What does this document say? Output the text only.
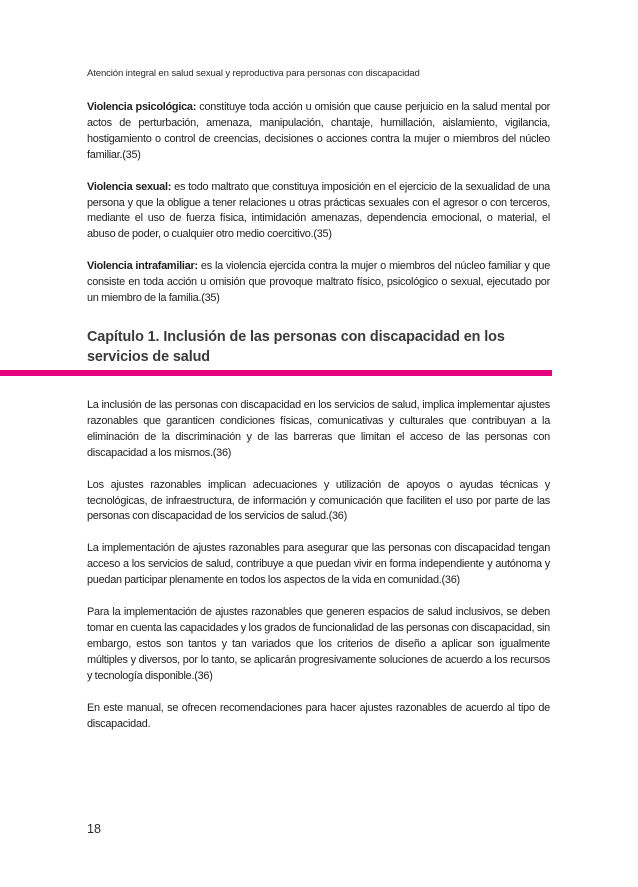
Atención integral en salud sexual y reproductiva para personas con discapacidad

Violencia psicológica: constituye toda acción u omisión que cause perjuicio en la salud mental por actos de perturbación, amenaza, manipulación, chantaje, humillación, aislamiento, vigilancia, hostigamiento o control de creencias, decisiones o acciones contra la mujer o miembros del núcleo familiar.(35)

Violencia sexual: es todo maltrato que constituya imposición en el ejercicio de la sexualidad de una persona y que la obligue a tener relaciones u otras prácticas sexuales con el agresor o con terceros, mediante el uso de fuerza física, intimidación amenazas, dependencia emocional, o material, el abuso de poder, o cualquier otro medio coercitivo.(35)

Violencia intrafamiliar: es la violencia ejercida contra la mujer o miembros del núcleo familiar y que consiste en toda acción u omisión que provoque maltrato físico, psicológico o sexual, ejecutado por un miembro de la familia.(35)

Capítulo 1. Inclusión de las personas con discapacidad en los servicios de salud

La inclusión de las personas con discapacidad en los servicios de salud, implica implementar ajustes razonables que garanticen condiciones físicas, comunicativas y culturales que contribuyan a la eliminación de la discriminación y de las barreras que limitan el acceso de las personas con discapacidad a los mismos.(36)

Los ajustes razonables implican adecuaciones y utilización de apoyos o ayudas técnicas y tecnológicas, de infraestructura, de información y comunicación que faciliten el uso por parte de las personas con discapacidad de los servicios de salud.(36)

La implementación de ajustes razonables para asegurar que las personas con discapacidad tengan acceso a los servicios de salud, contribuye a que puedan vivir en forma independiente y autónoma y puedan participar plenamente en todos los aspectos de la vida en comunidad.(36)

Para la implementación de ajustes razonables que generen espacios de salud inclusivos, se deben tomar en cuenta las capacidades y los grados de funcionalidad de las personas con discapacidad, sin embargo, estos son tantos y tan variados que los criterios de diseño a aplicar son igualmente múltiples y diversos, por lo tanto, se aplicarán progresivamente soluciones de acuerdo a los recursos y tecnología disponible.(36)

En este manual, se ofrecen recomendaciones para hacer ajustes razonables de acuerdo al tipo de discapacidad.

18
